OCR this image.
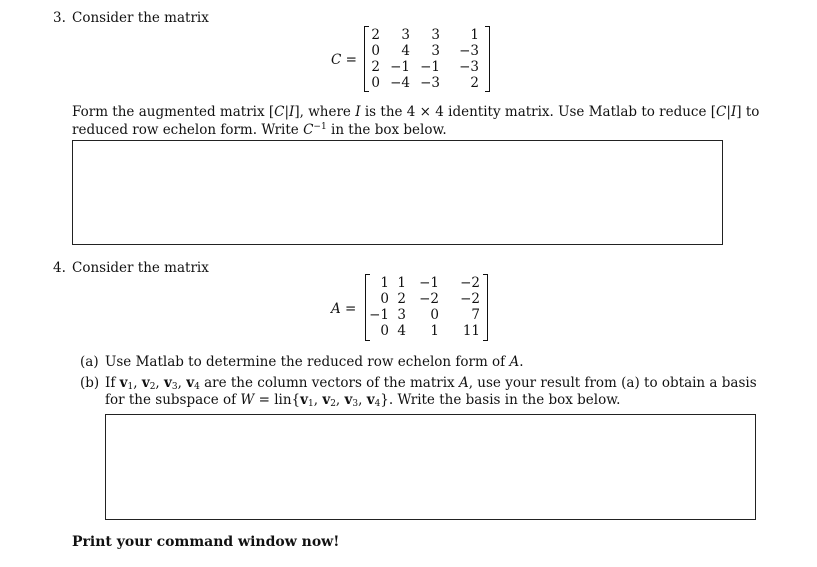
3. Consider the matrix
C =
2	3	3	1
0	4	3 −3
2 −1 −1 −3
0 −4 −3	2
Form the augmented matrix [C|I], where I is the 4 × 4 identity matrix. Use Matlab to reduce [C|I] to
reduced row echelon form. Write $C^{-1}$ in the box below.
4. Consider the matrix
A =
1 1 −1	−2
0 2 −2	−2
−1 3	0	7
0 4	1	11
(a) Use Matlab to determine the reduced row echelon form of A.
(b) If $v_1$, $v_2$, $v_3$, $v_4$ are the column vectors of the matrix A, use your result from (a) to obtain a basis
for the subspace of $W = lin\{v_1$, $v_2$, $v_3$, $v_4$}. Write the basis in the box below.
Print your command window now!
